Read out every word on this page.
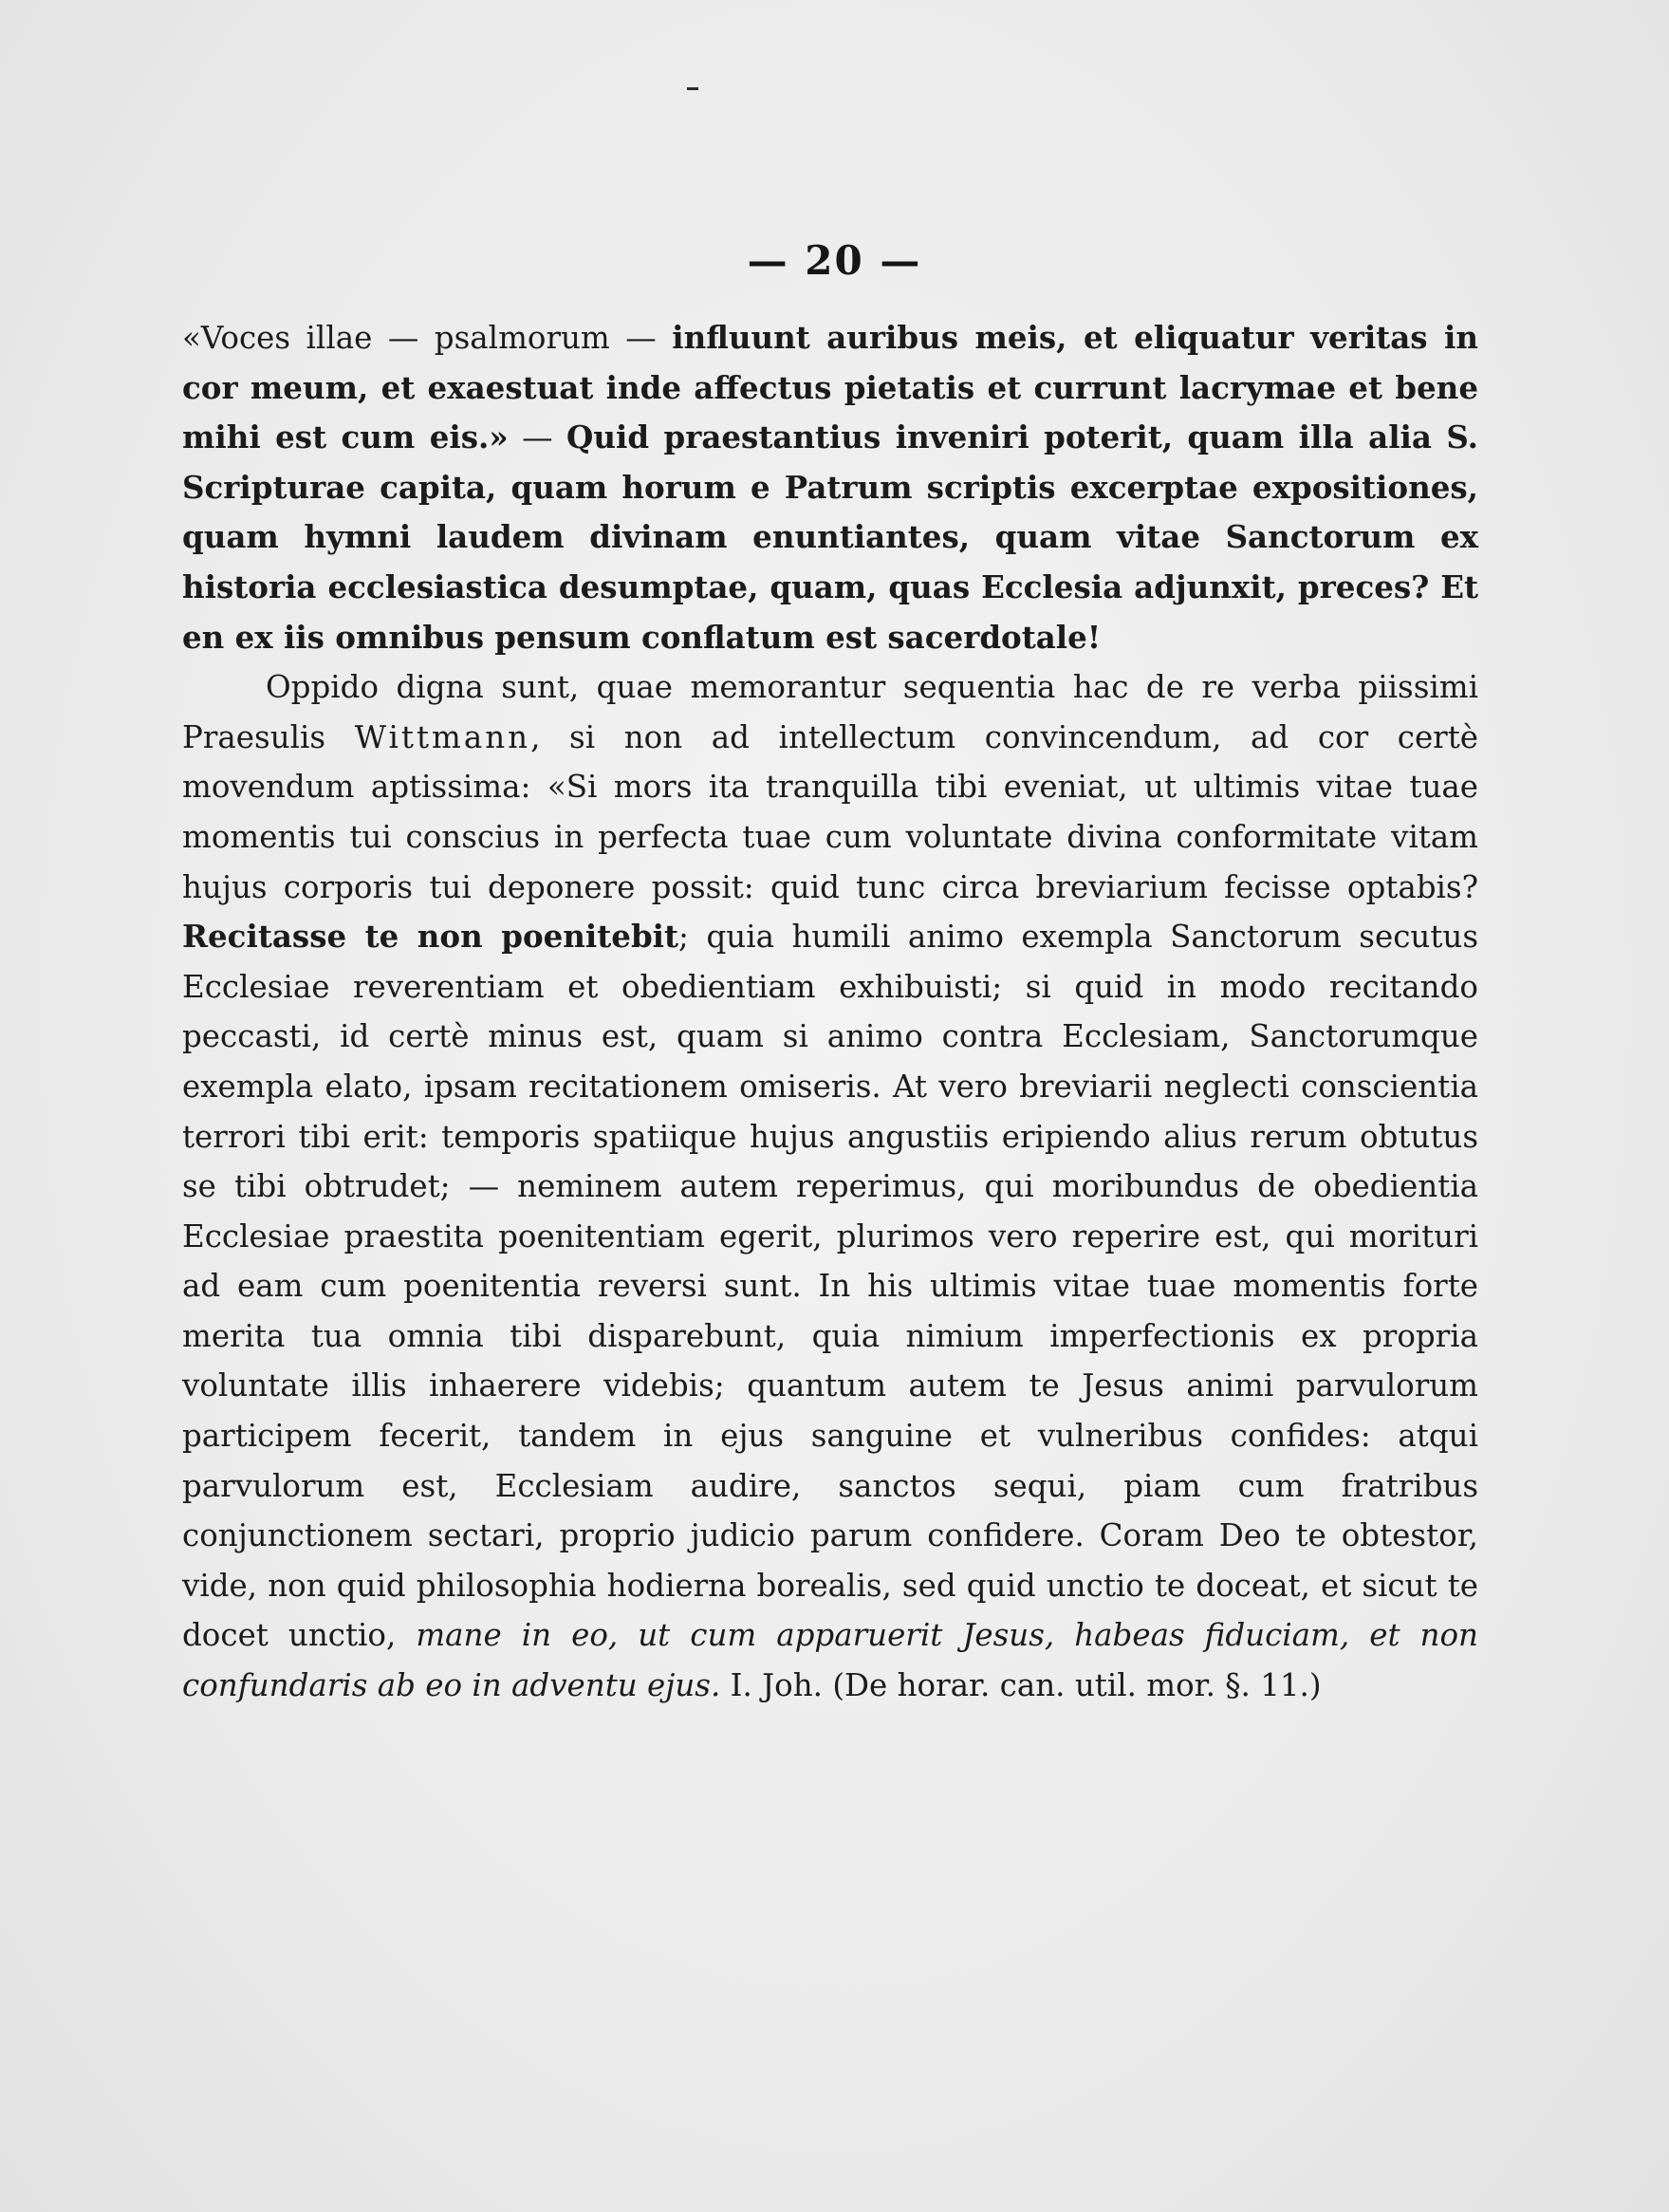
— 20 —

«Voces illae — psalmorum — influunt auribus meis, et eliquatur veritas in cor meum, et exaestuat inde affectus pietatis et currunt lacrymae et bene mihi est cum eis.» — Quid praestantius inveniri poterit, quam illa alia S. Scripturae capita, quam horum e Patrum scriptis excerptae expositiones, quam hymni laudem divinam enuntiantes, quam vitae Sanctorum ex historia ecclesiastica desumptae, quam, quas Ecclesia adjunxit, preces? Et en ex iis omnibus pensum conflatum est sacerdotale!

Oppido digna sunt, quae memorantur sequentia hac de re verba piissimi Praesulis Wittmann, si non ad intellectum convincendum, ad cor certè movendum aptissima: «Si mors ita tranquilla tibi eveniat, ut ultimis vitae tuae momentis tui conscius in perfecta tuae cum voluntate divina conformitate vitam hujus corporis tui deponere possit: quid tunc circa breviarium fecisse optabis? Recitasse te non poenitebit; quia humili animo exempla Sanctorum secutus Ecclesiae reverentiam et obedientiam exhibuisti; si quid in modo recitando peccasti, id certè minus est, quam si animo contra Ecclesiam, Sanctorumque exempla elato, ipsam recitationem omiseris. At vero breviarii neglecti conscientia terrori tibi erit: temporis spatiique hujus angustiis eripiendo alius rerum obtutus se tibi obtrudet; — neminem autem reperimus, qui moribundus de obedientia Ecclesiae praestita poenitentiam egerit, plurimos vero reperire est, qui morituri ad eam cum poenitentia reversi sunt. In his ultimis vitae tuae momentis forte merita tua omnia tibi disparebunt, quia nimium imperfectionis ex propria voluntate illis inhaerere videbis; quantum autem te Jesus animi parvulorum participem fecerit, tandem in ejus sanguine et vulneribus confides: atqui parvulorum est, Ecclesiam audire, sanctos sequi, piam cum fratribus conjunctionem sectari, proprio judicio parum confidere. Coram Deo te obtestor, vide, non quid philosophia hodierna borealis, sed quid unctio te doceat, et sicut te docet unctio, mane in eo, ut cum apparuerit Jesus, habeas fiduciam, et non confundaris ab eo in adventu ejus. I. Joh. (De horar. can. util. mor. §. 11.)
